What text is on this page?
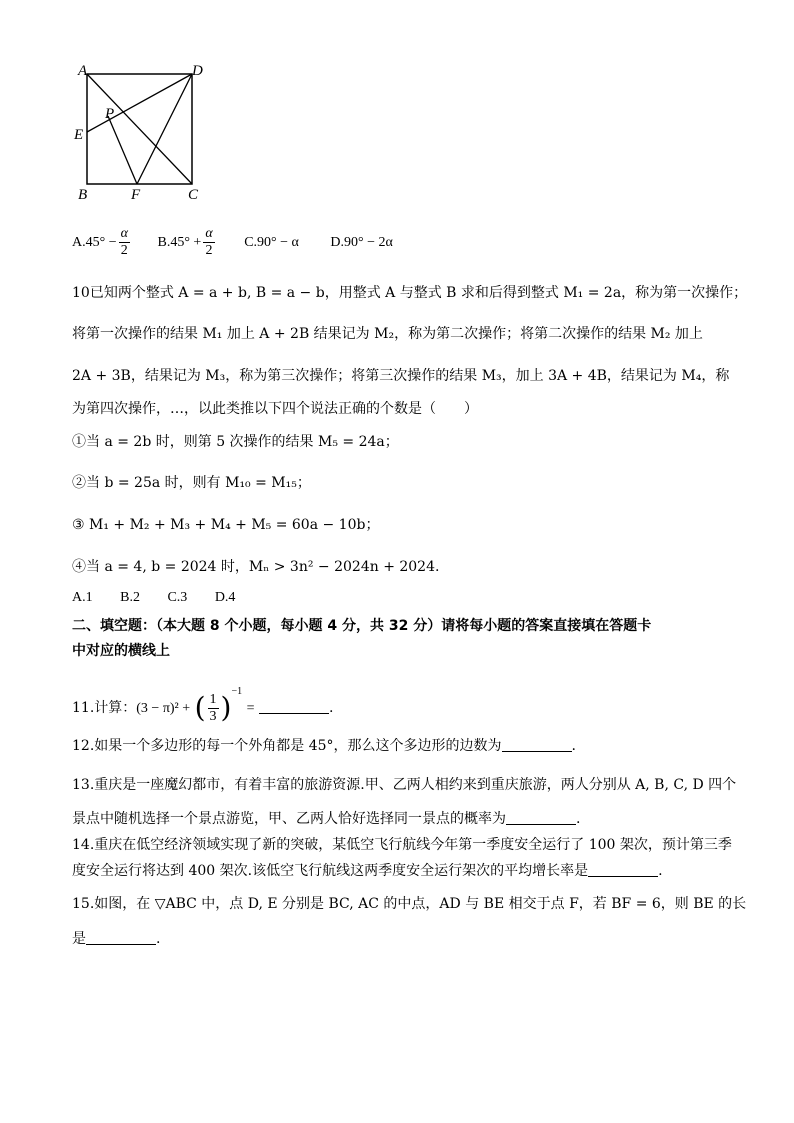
A	D
P
E
B	F	C
$A.45^\circ - \frac{\alpha}{2} B.45^\circ + \frac{\alpha}{2} C.90^\circ - \alpha$ D.90° − 2α
10已知两个整式 A = a + b, B = a − b，用整式 A 与整式 B 求和后得到整式 M₁ = 2a，称为第一次操作；
将第一次操作的结果 M₁ 加上 A + 2B 结果记为 M₂，称为第二次操作；将第二次操作的结果 M₂ 加上
2A + 3B，结果记为 M₃，称为第三次操作；将第三次操作的结果 M₃，加上 3A + 4B，结果记为 M₄，称
为第四次操作，…，以此类推以下四个说法正确的个数是（　　）
①当 a = 2b 时，则第 5 次操作的结果 M₅ = 24a；
②当 b = 25a 时，则有 M₁₀ = M₁₅；
③ M₁ + M₂ + M₃ + M₄ + M₅ = 60a − 10b；
④当 a = 4, b = 2024 时，Mₙ > 3n² − 2024n + 2024.
A.1 B.2 C.3 D.4
二、填空题：（本大题 8 个小题，每小题 4 分，共 32 分）请将每小题的答案直接填在答题卡
中对应的横线上
11.计算：(3 − π)² + ( $\frac{1}{3} )^{-1}$ =	.
12.如果一个多边形的每一个外角都是 45°，那么这个多边形的边数为	.
13.重庆是一座魔幻都市，有着丰富的旅游资源.甲、乙两人相约来到重庆旅游，两人分别从 A, B, C, D 四个
景点中随机选择一个景点游览，甲、乙两人恰好选择同一景点的概率为	.
14.重庆在低空经济领域实现了新的突破，某低空飞行航线今年第一季度安全运行了 100 架次，预计第三季
度安全运行将达到 400 架次.该低空飞行航线这两季度安全运行架次的平均增长率是	.
15.如图，在 ▽ABC 中，点 D, E 分别是 BC, AC 的中点，AD 与 BE 相交于点 F，若 BF = 6，则 BE 的长
是	.
